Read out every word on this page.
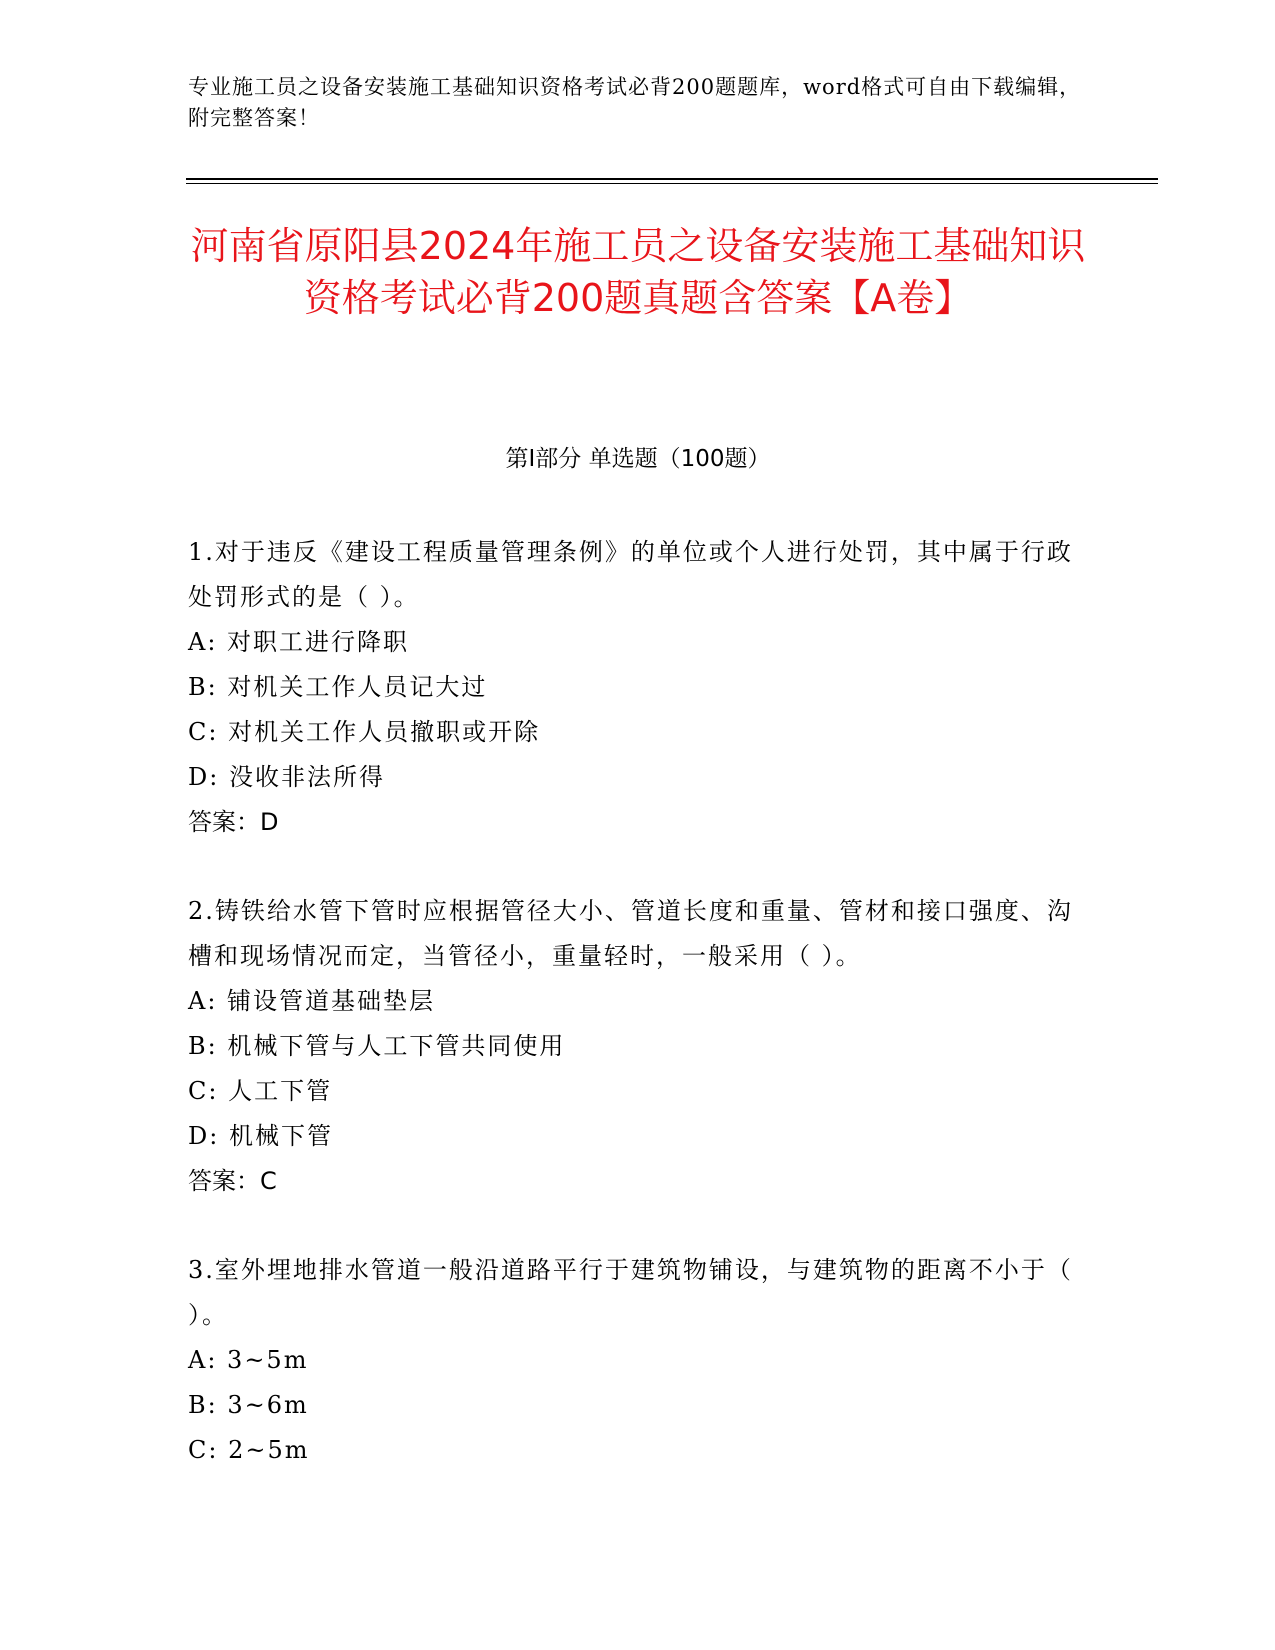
专业施工员之设备安装施工基础知识资格考试必背200题题库，word格式可自由下载编辑，附完整答案！
河南省原阳县2024年施工员之设备安装施工基础知识资格考试必背200题真题含答案【A卷】
第I部分 单选题（100题）
1.对于违反《建设工程质量管理条例》的单位或个人进行处罚，其中属于行政处罚形式的是（ ）。
A: 对职工进行降职
B: 对机关工作人员记大过
C: 对机关工作人员撤职或开除
D: 没收非法所得
答案：D
2.铸铁给水管下管时应根据管径大小、管道长度和重量、管材和接口强度、沟槽和现场情况而定，当管径小，重量轻时，一般采用（ ）。
A: 铺设管道基础垫层
B: 机械下管与人工下管共同使用
C: 人工下管
D: 机械下管
答案：C
3.室外埋地排水管道一般沿道路平行于建筑物铺设，与建筑物的距离不小于（ ）。
A: 3~5m
B: 3~6m
C: 2~5m
